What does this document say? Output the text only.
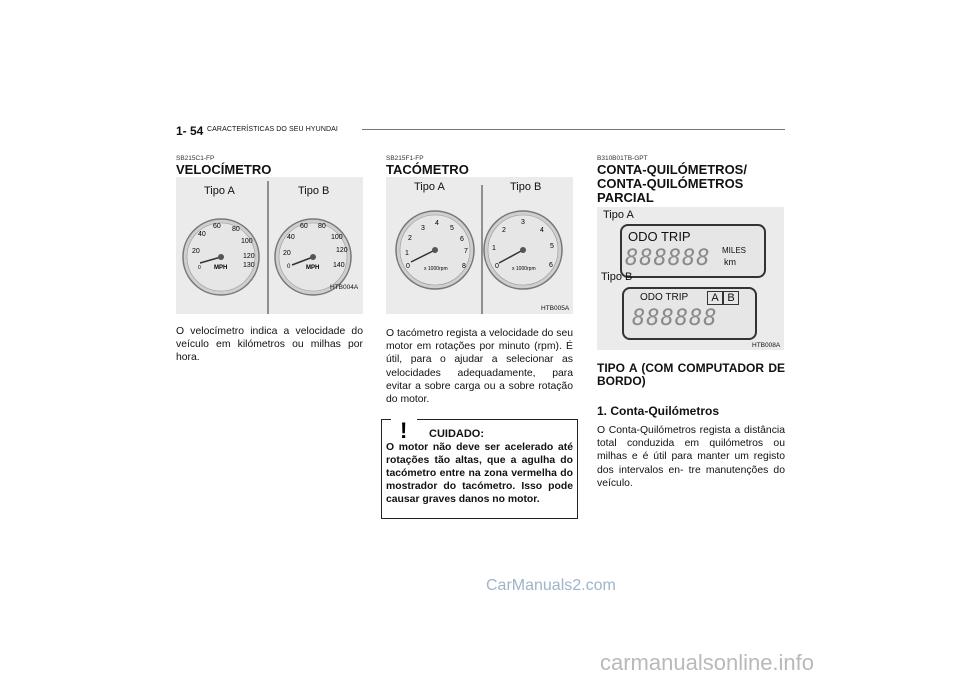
1- 54 CARACTERÍSTICAS DO SEU HYUNDAI
SB215C1-FP
VELOCÍMETRO
0
20
40
60 80
100
120
130
MPH	0
20
40
60 80
100
120
140
MPH
Tipo A	Tipo B
HTB004A
O velocímetro indica a velocidade do veículo em kilómetros ou milhas por hora.
SB215F1-FP
TACÓMETRO
0
1
2
3
4
5
6
7
8
x 1000rpm	0
1
2
3
4
5
6
x 1000rpm
Tipo A	Tipo B
HTB005A
O tacómetro regista a velocidade do seu motor em rotações por minuto (rpm). É útil, para o ajudar a selecionar as velocidades adequadamente, para evitar a sobre carga ou a sobre rotação do motor.
! CUIDADO:
O motor não deve ser acelerado até rotações tão altas, que a agulha do tacómetro entre na zona vermelha do mostrador do tacómetro. Isso pode causar graves danos no motor.
B310B01TB-GPT
CONTA-QUILÓMETROS/ CONTA-QUILÓMETROS PARCIAL
Tipo A
ODO TRIP
888888 MILES
km
Tipo B
ODO TRIP	A B
888888
HTB008A
TIPO A (COM COMPUTADOR DE BORDO)
1. Conta-Quilómetros
O Conta-Quilómetros regista a distância total conduzida em quilómetros ou milhas e é útil para manter um registo dos intervalos en- tre manutenções do veículo.
CarManuals2.com
carmanualsonline.info
